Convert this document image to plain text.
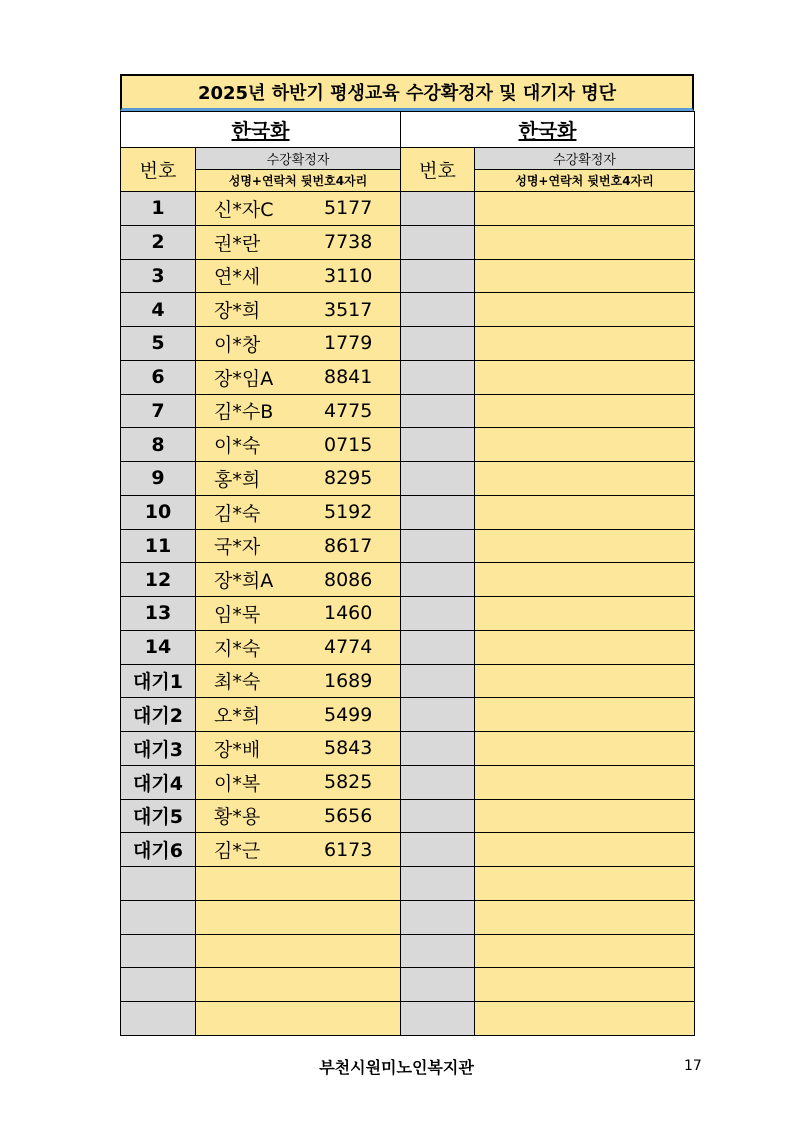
2025년 하반기 평생교육 수강확정자 및 대기자 명단
한국화		한국화	
번호	수강확정자	번호	수강확정자
	성명+연락처 뒷번호4자리		성명+연락처 뒷번호4자리
1	신*자C 5177		

2	권*란 7738		

3	연*세 3110		

4	장*희 3517		

5	이*창 1779		

6	장*임A 8841		

7	김*수B 4775		

8	이*숙 0715		

9	홍*희 8295		

10	김*숙 5192		

11	국*자 8617		

12	장*희A 8086		

13	임*묵 1460		

14	지*숙 4774		

대기1	최*숙 1689		

대기2	오*희 5499		

대기3	장*배 5843		

대기4	이*복 5825		

대기5	황*용 5656		

대기6	김*근 6173		

부천시원미노인복지관	17
